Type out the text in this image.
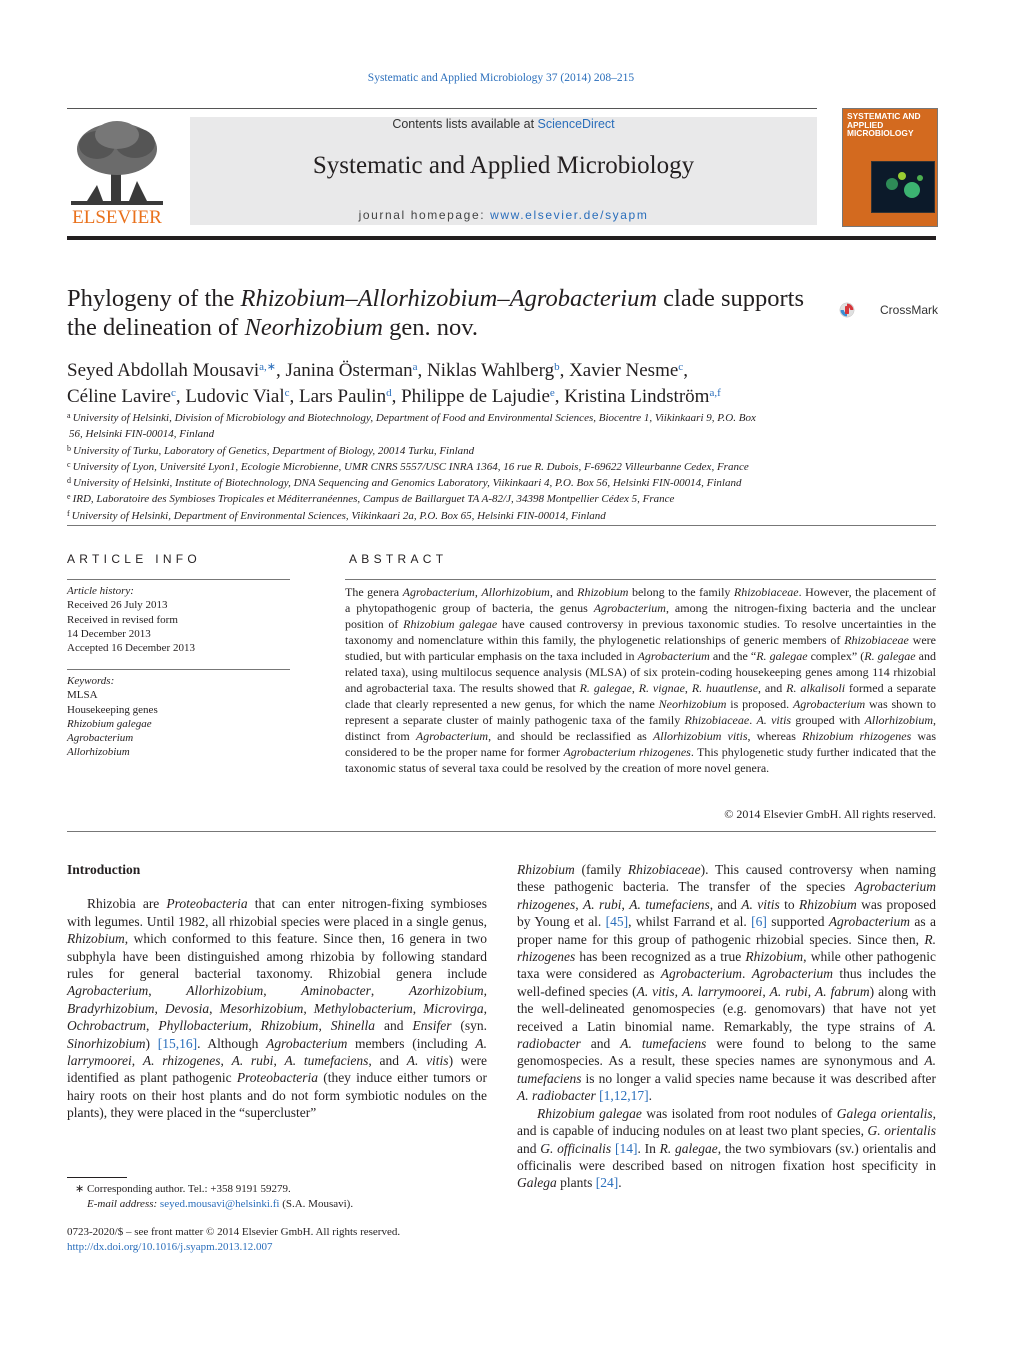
Systematic and Applied Microbiology 37 (2014) 208–215
ELSEVIER
Contents lists available at ScienceDirect
Systematic and Applied Microbiology
journal homepage: www.elsevier.de/syapm
SYSTEMATIC AND APPLIED MICROBIOLOGY
Phylogeny of the Rhizobium–Allorhizobium–Agrobacterium clade supports the delineation of Neorhizobium gen. nov.
CrossMark
Seyed Abdollah Mousavi$^{a,∗}$, Janina Österman$^a$, Niklas Wahlberg$^b$, Xavier Nesme$^c$,
Céline Lavire$^c$, Ludovic Vial$^c$, Lars Paulin$^d$, Philippe de Lajudie$^e$, Kristina Lindström$^{a,f}$
$^a$ University of Helsinki, Division of Microbiology and Biotechnology, Department of Food and Environmental Sciences, Biocentre 1, Viikinkaari 9, P.O. Box
56, Helsinki FIN-00014, Finland
$^b$ University of Turku, Laboratory of Genetics, Department of Biology, 20014 Turku, Finland
$^c$ University of Lyon, Université Lyon1, Ecologie Microbienne, UMR CNRS 5557/USC INRA 1364, 16 rue R. Dubois, F-69622 Villeurbanne Cedex, France
$^d$ University of Helsinki, Institute of Biotechnology, DNA Sequencing and Genomics Laboratory, Viikinkaari 4, P.O. Box 56, Helsinki FIN-00014, Finland
$^e$ IRD, Laboratoire des Symbioses Tropicales et Méditerranéennes, Campus de Baillarguet TA A-82/J, 34398 Montpellier Cédex 5, France
$^f$ University of Helsinki, Department of Environmental Sciences, Viikinkaari 2a, P.O. Box 65, Helsinki FIN-00014, Finland
ARTICLE INFO
Article history:
Received 26 July 2013
Received in revised form
14 December 2013
Accepted 16 December 2013
Keywords:
MLSA
Housekeeping genes
Rhizobium galegae
Agrobacterium
Allorhizobium
ABSTRACT
The genera Agrobacterium, Allorhizobium, and Rhizobium belong to the family Rhizobiaceae. However, the placement of a phytopathogenic group of bacteria, the genus Agrobacterium, among the nitrogen-fixing bacteria and the unclear position of Rhizobium galegae have caused controversy in previous taxonomic studies. To resolve uncertainties in the taxonomy and nomenclature within this family, the phylogenetic relationships of generic members of Rhizobiaceae were studied, but with particular emphasis on the taxa included in Agrobacterium and the “R. galegae complex” (R. galegae and related taxa), using multilocus sequence analysis (MLSA) of six protein-coding housekeeping genes among 114 rhizobial and agrobacterial taxa. The results showed that R. galegae, R. vignae, R. huautlense, and R. alkalisoli formed a separate clade that clearly represented a new genus, for which the name Neorhizobium is proposed. Agrobacterium was shown to represent a separate cluster of mainly pathogenic taxa of the family Rhizobiaceae. A. vitis grouped with Allorhizobium, distinct from Agrobacterium, and should be reclassified as Allorhizobium vitis, whereas Rhizobium rhizogenes was considered to be the proper name for former Agrobacterium rhizogenes. This phylogenetic study further indicated that the taxonomic status of several taxa could be resolved by the creation of more novel genera.
© 2014 Elsevier GmbH. All rights reserved.
Introduction

Rhizobia are Proteobacteria that can enter nitrogen-fixing symbioses with legumes. Until 1982, all rhizobial species were placed in a single genus, Rhizobium, which conformed to this feature. Since then, 16 genera in two subphyla have been distinguished among rhizobia by following standard rules for general bacterial taxonomy. Rhizobial genera include Agrobacterium, Allorhizobium, Aminobacter, Azorhizobium, Bradyrhizobium, Devosia, Mesorhizobium, Methylobacterium, Microvirga, Ochrobactrum, Phyllobacterium, Rhizobium, Shinella and Ensifer (syn. Sinorhizobium) [15,16]. Although Agrobacterium members (including A. larrymoorei, A. rhizogenes, A. rubi, A. tumefaciens, and A. vitis) were identified as plant pathogenic Proteobacteria (they induce either tumors or hairy roots on their host plants and do not form symbiotic nodules on the plants), they were placed in the “supercluster”

Rhizobium (family Rhizobiaceae). This caused controversy when naming these pathogenic bacteria. The transfer of the species Agrobacterium rhizogenes, A. rubi, A. tumefaciens, and A. vitis to Rhizobium was proposed by Young et al. [45], whilst Farrand et al. [6] supported Agrobacterium as a proper name for this group of pathogenic rhizobial species. Since then, R. rhizogenes has been recognized as a true Rhizobium, while other pathogenic taxa were considered as Agrobacterium. Agrobacterium thus includes the well-defined species (A. vitis, A. larrymoorei, A. rubi, A. fabrum) along with the well-delineated genomospecies (e.g. genomovars) that have not yet received a Latin binomial name. Remarkably, the type strains of A. radiobacter and A. tumefaciens were found to belong to the same genomospecies. As a result, these species names are synonymous and A. tumefaciens is no longer a valid species name because it was described after A. radiobacter [1,12,17].

Rhizobium galegae was isolated from root nodules of Galega orientalis, and is capable of inducing nodules on at least two plant species, G. orientalis and G. officinalis [14]. In R. galegae, the two symbiovars (sv.) orientalis and officinalis were described based on nitrogen fixation host specificity in Galega plants [24].

∗ Corresponding author. Tel.: +358 9191 59279.
E-mail address: seyed.mousavi@helsinki.fi (S.A. Mousavi).
0723-2020/$ – see front matter © 2014 Elsevier GmbH. All rights reserved.
http://dx.doi.org/10.1016/j.syapm.2013.12.007
